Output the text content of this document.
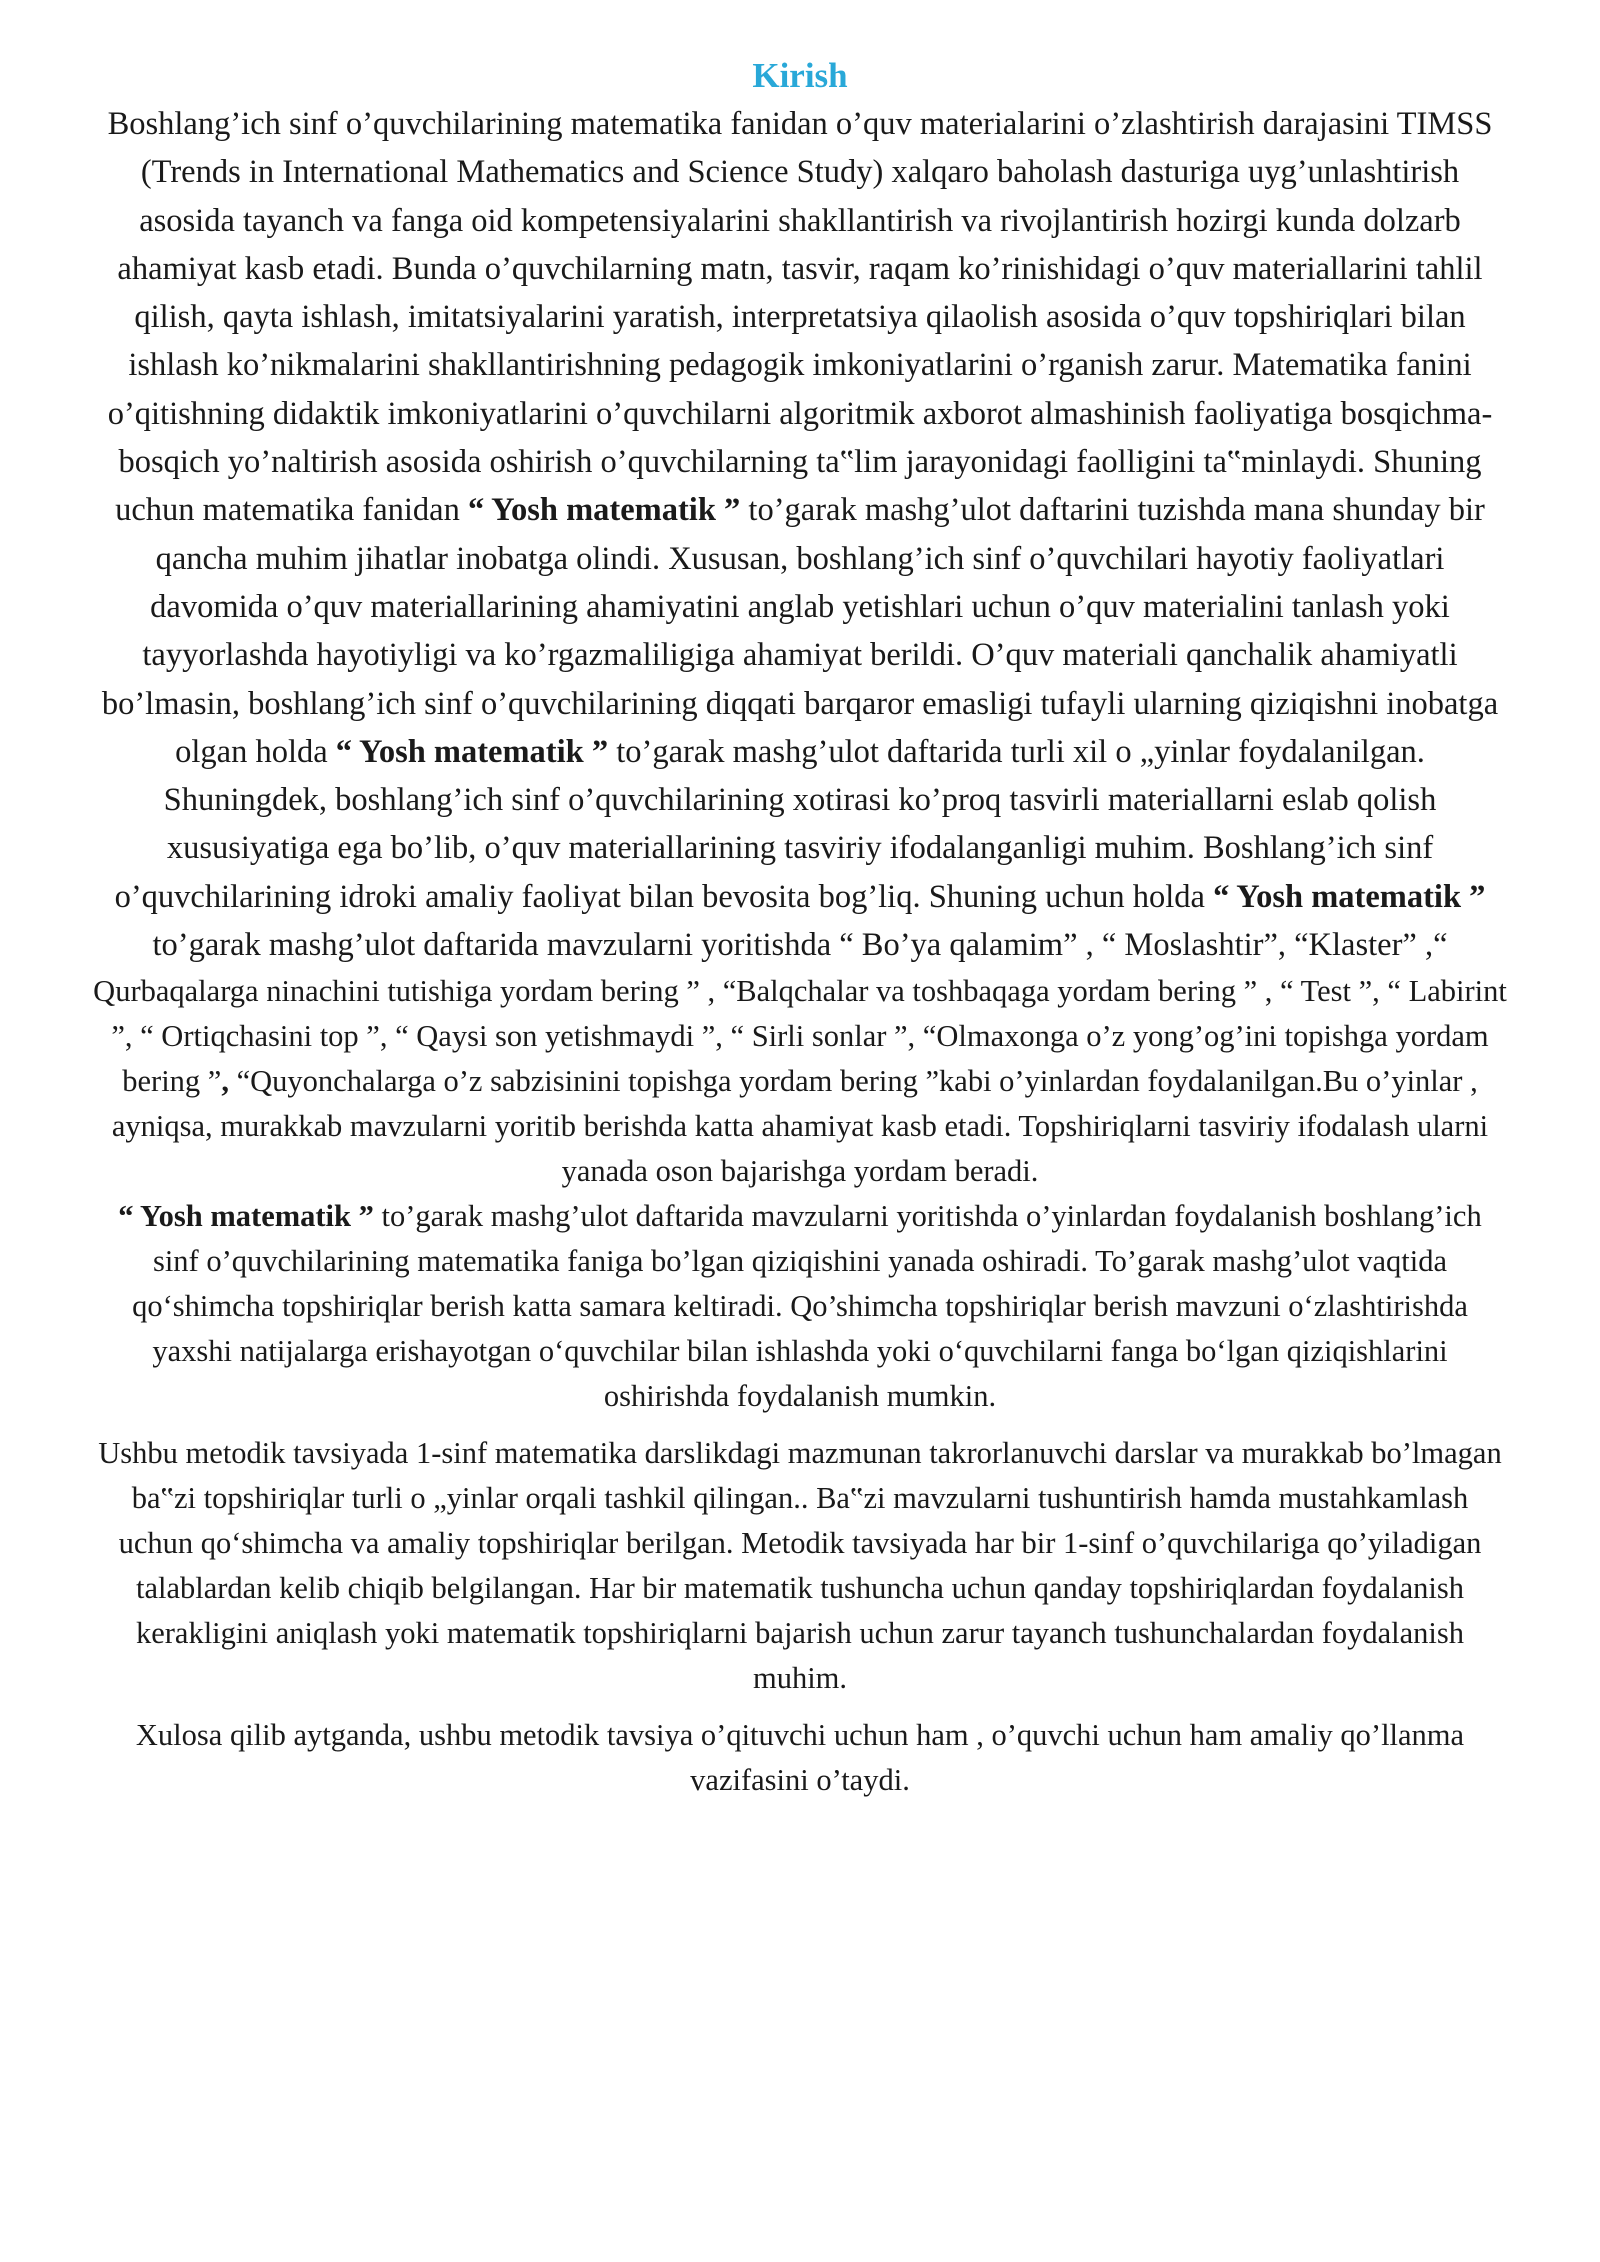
Kirish

Boshlang’ich sinf o’quvchilarining matematika fanidan o’quv materialarini o’zlashtirish darajasini TIMSS (Trends in International Mathematics and Science Study) xalqaro baholash dasturiga uyg’unlashtirish asosida tayanch va fanga oid kompetensiyalarini shakllantirish va rivojlantirish hozirgi kunda dolzarb ahamiyat kasb etadi. Bunda o’quvchilarning matn, tasvir, raqam ko’rinishidagi o’quv materiallarini tahlil qilish, qayta ishlash, imitatsiyalarini yaratish, interpretatsiya qilaolish asosida o’quv topshiriqlari bilan ishlash ko’nikmalarini shakllantirishning pedagogik imkoniyatlarini o’rganish zarur. Matematika fanini o’qitishning didaktik imkoniyatlarini o’quvchilarni algoritmik axborot almashinish faoliyatiga bosqichma-bosqich yo’naltirish asosida oshirish o’quvchilarning ta‟lim jarayonidagi faolligini ta‟minlaydi. Shuning uchun matematika fanidan “ Yosh matematik ” to’garak mashg’ulot daftarini tuzishda mana shunday bir qancha muhim jihatlar inobatga olindi. Xususan, boshlang’ich sinf o’quvchilari hayotiy faoliyatlari davomida o’quv materiallarining ahamiyatini anglab yetishlari uchun o’quv materialini tanlash yoki tayyorlashda hayotiyligi va ko’rgazmaliligiga ahamiyat berildi. O’quv materiali qanchalik ahamiyatli bo’lmasin, boshlang’ich sinf o’quvchilarining diqqati barqaror emasligi tufayli ularning qiziqishni inobatga olgan holda “ Yosh matematik ” to’garak mashg’ulot daftarida turli xil o „yinlar foydalanilgan. Shuningdek, boshlang’ich sinf o’quvchilarining xotirasi ko’proq tasvirli materiallarni eslab qolish xususiyatiga ega bo’lib, o’quv materiallarining tasviriy ifodalanganligi muhim. Boshlang’ich sinf o’quvchilarining idroki amaliy faoliyat bilan bevosita bog’liq. Shuning uchun holda “ Yosh matematik ” to’garak mashg’ulot daftarida mavzularni yoritishda “ Bo’ya qalamim” , “ Moslashtir”, “Klaster” ,“

Qurbaqalarga ninachini tutishiga yordam bering ” , “Balqchalar va toshbaqaga yordam bering ” , “ Test ”, “ Labirint ”, “ Ortiqchasini top ”, “ Qaysi son yetishmaydi ”, “ Sirli sonlar ”, “Olmaxonga o’z yong’og’ini topishga yordam bering ”, “Quyonchalarga o’z sabzisinini topishga yordam bering ”kabi o’yinlardan foydalanilgan.Bu o’yinlar , ayniqsa, murakkab mavzularni yoritib berishda katta ahamiyat kasb etadi. Topshiriqlarni tasviriy ifodalash ularni yanada oson bajarishga yordam beradi.
“ Yosh matematik ” to’garak mashg’ulot daftarida mavzularni yoritishda o’yinlardan foydalanish boshlang’ich sinf o’quvchilarining matematika faniga bo’lgan qiziqishini yanada oshiradi. To’garak mashg’ulot vaqtida qo‘shimcha topshiriqlar berish katta samara keltiradi. Qo’shimcha topshiriqlar berish mavzuni o‘zlashtirishda yaxshi natijalarga erishayotgan o‘quvchilar bilan ishlashda yoki o‘quvchilarni fanga bo‘lgan qiziqishlarini oshirishda foydalanish mumkin.

Ushbu metodik tavsiyada 1-sinf matematika darslikdagi mazmunan takrorlanuvchi darslar va murakkab bo’lmagan ba‟zi topshiriqlar turli o „yinlar orqali tashkil qilingan.. Ba‟zi mavzularni tushuntirish hamda mustahkamlash uchun qo‘shimcha va amaliy topshiriqlar berilgan. Metodik tavsiyada har bir 1-sinf o’quvchilariga qo’yiladigan talablardan kelib chiqib belgilangan. Har bir matematik tushuncha uchun qanday topshiriqlardan foydalanish kerakligini aniqlash yoki matematik topshiriqlarni bajarish uchun zarur tayanch tushunchalardan foydalanish muhim.

Xulosa qilib aytganda, ushbu metodik tavsiya o’qituvchi uchun ham , o’quvchi uchun ham amaliy qo’llanma vazifasini o’taydi.
